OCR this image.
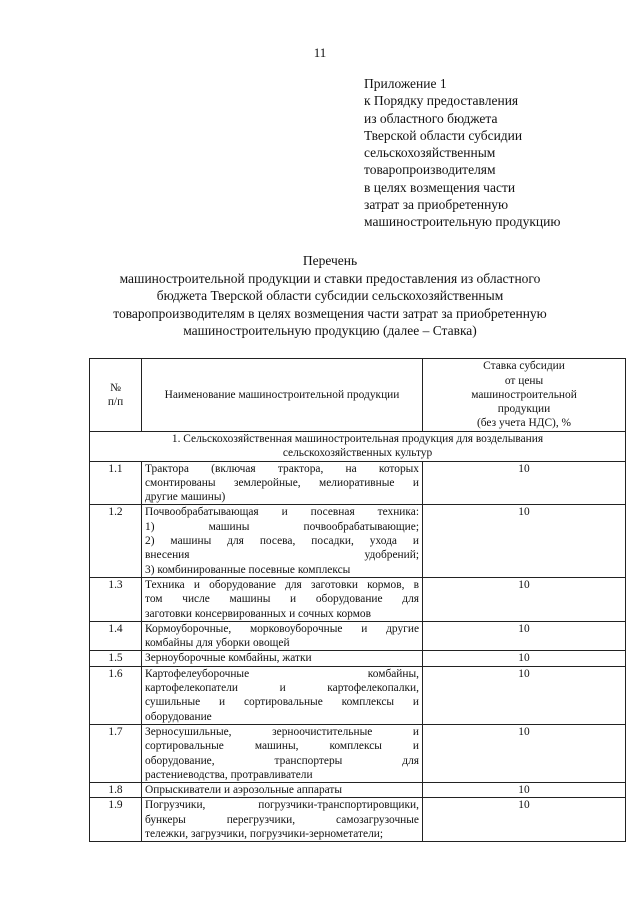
11
Приложение 1
к Порядку предоставления
из областного бюджета
Тверской области субсидии
сельскохозяйственным
товаропроизводителям
в целях возмещения части
затрат за приобретенную
машиностроительную продукцию
Перечень
машиностроительной продукции и ставки предоставления из областного
бюджета Тверской области субсидии сельскохозяйственным
товаропроизводителям в целях возмещения части затрат за приобретенную
машиностроительную продукцию (далее – Ставка)
№
п/п	Наименование машиностроительной продукции	Ставка субсидии
от цены
машиностроительной
продукции
(без учета НДС), %

1. Сельскохозяйственная машиностроительная продукция для возделывания
сельскохозяйственных культур		

1.1	Трактора (включая трактора, на которых
смонтированы землеройные, мелиоративные и
другие машины)	10
1.2	Почвообрабатывающая и посевная техника:
1) машины почвообрабатывающие;
2) машины для посева, посадки, ухода и
внесения удобрений;
3) комбинированные посевные комплексы	10
1.3	Техника и оборудование для заготовки кормов, в
том числе машины и оборудование для
заготовки консервированных и сочных кормов	10
1.4	Кормоуборочные, морковоуборочные и другие
комбайны для уборки овощей	10
1.5	Зерноуборочные комбайны, жатки	10
1.6	Картофелеуборочные комбайны,
картофелекопатели и картофелекопалки,
сушильные и сортировальные комплексы и
оборудование	10
1.7	Зерносушильные, зерноочистительные и
сортировальные машины, комплексы и
оборудование, транспортеры для
растениеводства, протравливатели	10
1.8	Опрыскиватели и аэрозольные аппараты	10
1.9	Погрузчики, погрузчики-транспортировщики,
бункеры перегрузчики, самозагрузочные
тележки, загрузчики, погрузчики-зернометатели;	10
